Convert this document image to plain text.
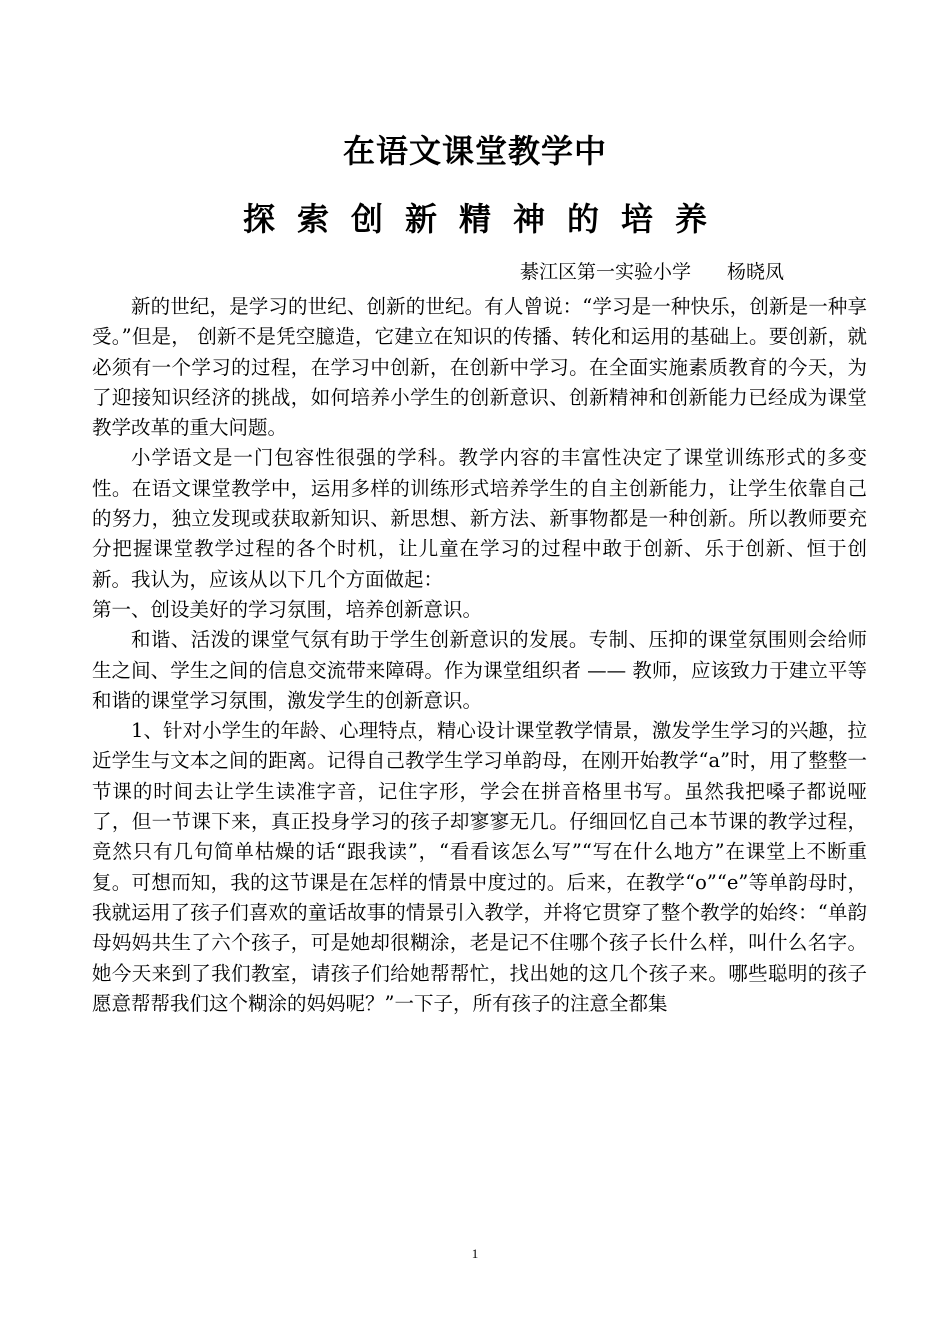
在语文课堂教学中
探索创新精神的培养
綦江区第一实验小学 杨晓凤

新的世纪，是学习的世纪、创新的世纪。有人曾说：“学习是一种快乐，创新是一种享受。”但是， 创新不是凭空臆造，它建立在知识的传播、转化和运用的基础上。要创新，就必须有一个学习的过程，在学习中创新，在创新中学习。在全面实施素质教育的今天，为了迎接知识经济的挑战，如何培养小学生的创新意识、创新精神和创新能力已经成为课堂教学改革的重大问题。

小学语文是一门包容性很强的学科。教学内容的丰富性决定了课堂训练形式的多变性。在语文课堂教学中，运用多样的训练形式培养学生的自主创新能力，让学生依靠自己的努力，独立发现或获取新知识、新思想、新方法、新事物都是一种创新。所以教师要充分把握课堂教学过程的各个时机，让儿童在学习的过程中敢于创新、乐于创新、恒于创新。我认为，应该从以下几个方面做起：

第一、创设美好的学习氛围，培养创新意识。

和谐、活泼的课堂气氛有助于学生创新意识的发展。专制、压抑的课堂氛围则会给师生之间、学生之间的信息交流带来障碍。作为课堂组织者 —— 教师，应该致力于建立平等和谐的课堂学习氛围，激发学生的创新意识。

1、针对小学生的年龄、心理特点，精心设计课堂教学情景，激发学生学习的兴趣，拉近学生与文本之间的距离。记得自己教学生学习单韵母，在刚开始教学“a”时，用了整整一节课的时间去让学生读准字音，记住字形，学会在拼音格里书写。虽然我把嗓子都说哑了，但一节课下来，真正投身学习的孩子却寥寥无几。仔细回忆自己本节课的教学过程，竟然只有几句简单枯燥的话“跟我读”，“看看该怎么写”“写在什么地方”在课堂上不断重复。可想而知，我的这节课是在怎样的情景中度过的。后来，在教学“o”“e”等单韵母时，我就运用了孩子们喜欢的童话故事的情景引入教学，并将它贯穿了整个教学的始终：“单韵母妈妈共生了六个孩子，可是她却很糊涂，老是记不住哪个孩子长什么样，叫什么名字。她今天来到了我们教室，请孩子们给她帮帮忙，找出她的这几个孩子来。哪些聪明的孩子愿意帮帮我们这个糊涂的妈妈呢？”一下子，所有孩子的注意全都集

1
